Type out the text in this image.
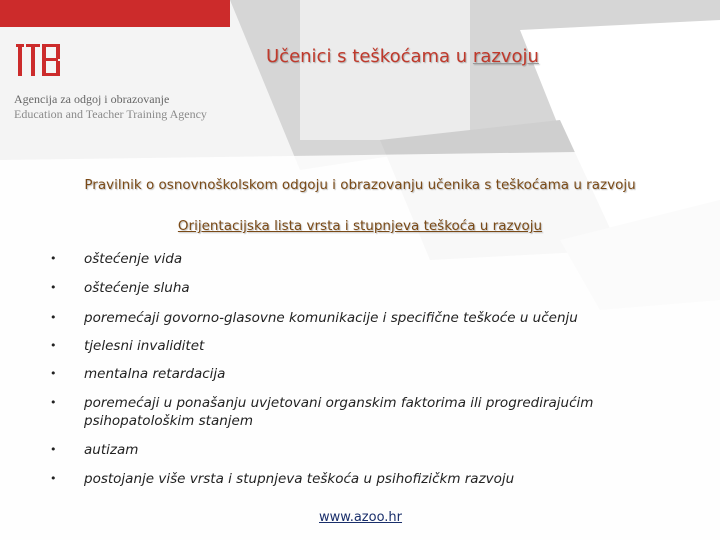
Agencija za odgoj i obrazovanje
Education and Teacher Training Agency
Učenici s teškoćama u razvoju
Pravilnik o osnovnoškolskom odgoju i obrazovanju učenika s teškoćama u razvoju
Orijentacijska lista vrsta i stupnjeva teškoća u razvoju
• oštećenje vida
• oštećenje sluha
• poremećaji govorno-glasovne komunikacije i specifične teškoće u učenju
• tjelesni invaliditet
• mentalna retardacija
• poremećaji u ponašanju uvjetovani organskim faktorima ili progredirajućim psihopatološkim stanjem
• autizam
• postojanje više vrsta i stupnjeva teškoća u psihofizičkm razvoju
www.azoo.hr
